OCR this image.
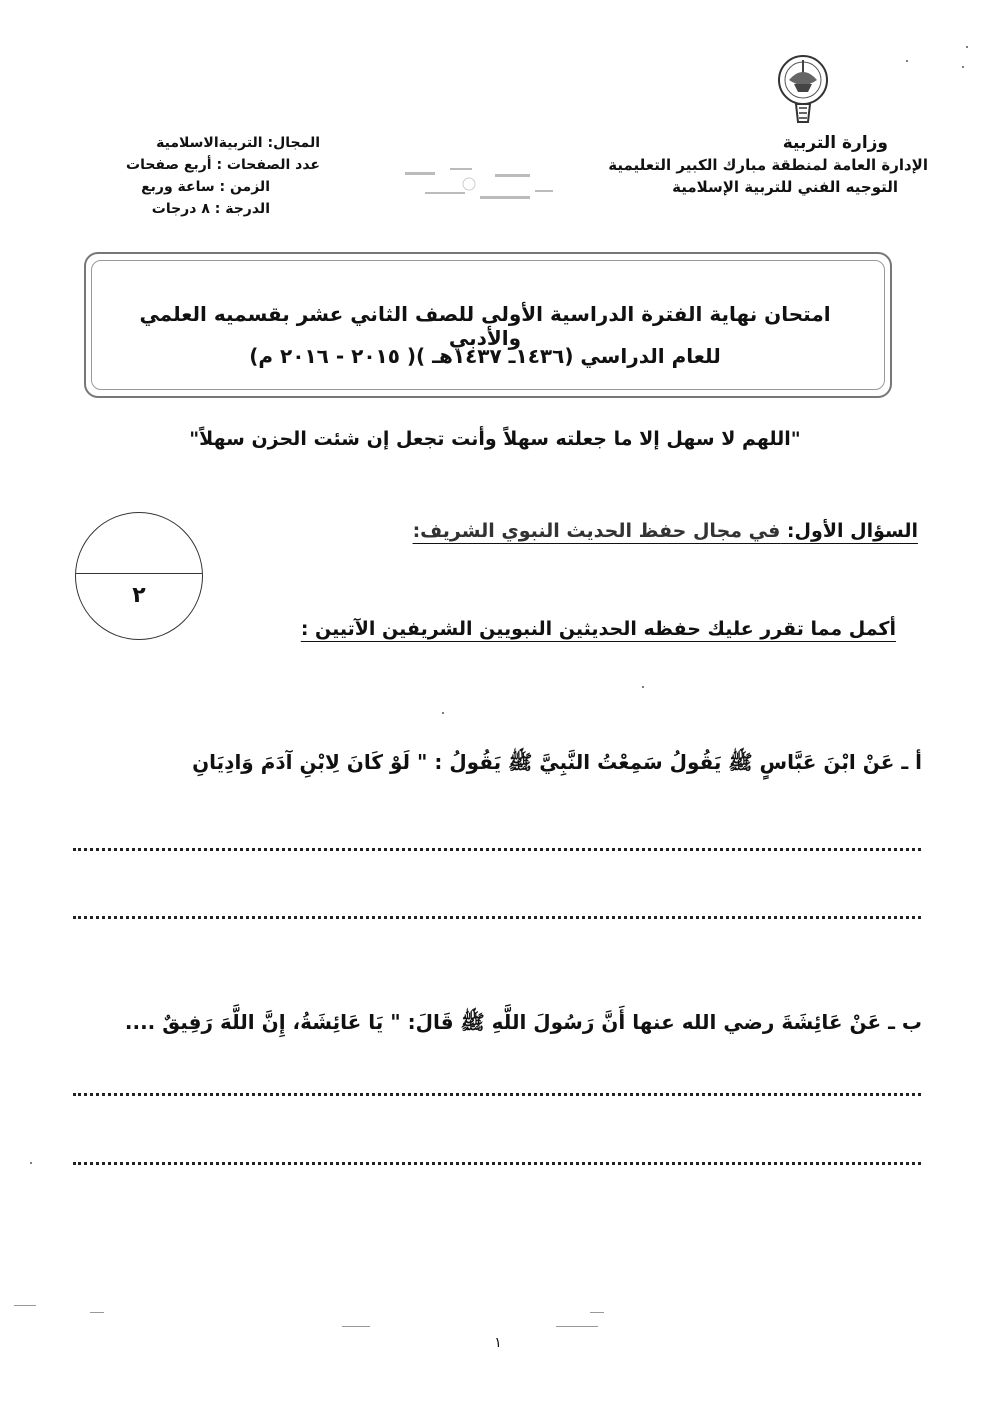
وزارة التربية
الإدارة العامة لمنطقة مبارك الكبير التعليمية
التوجيه الفني للتربية الإسلامية
المجال: التربيةالاسلامية
عدد الصفحات : أربع صفحات
الزمن : ساعة وربع
الدرجة : ٨ درجات
امتحان نهاية الفترة الدراسية الأولى للصف الثاني عشر بقسميه العلمي والأدبي
للعام الدراسي (١٤٣٦ـ ١٤٣٧هـ )( ٢٠١٥ - ٢٠١٦ م)
"اللهم لا سهل إلا ما جعلته سهلاً وأنت تجعل إن شئت الحزن سهلاً"
السؤال الأول: في مجال حفظ الحديث النبوي الشريف:
٢
أكمل مما تقرر عليك حفظه الحديثين النبويين الشريفين الآتيين :
أ ـ عَنْ ابْنَ عَبَّاسٍ ﷺ يَقُولُ سَمِعْتُ النَّبِيَّ ﷺ يَقُولُ : " لَوْ كَانَ لِابْنِ آدَمَ وَادِيَانِ
ب ـ عَنْ عَائِشَةَ رضي الله عنها أَنَّ رَسُولَ اللَّهِ ﷺ قَالَ: " يَا عَائِشَةُ، إِنَّ اللَّهَ رَفِيقٌ ....
١
